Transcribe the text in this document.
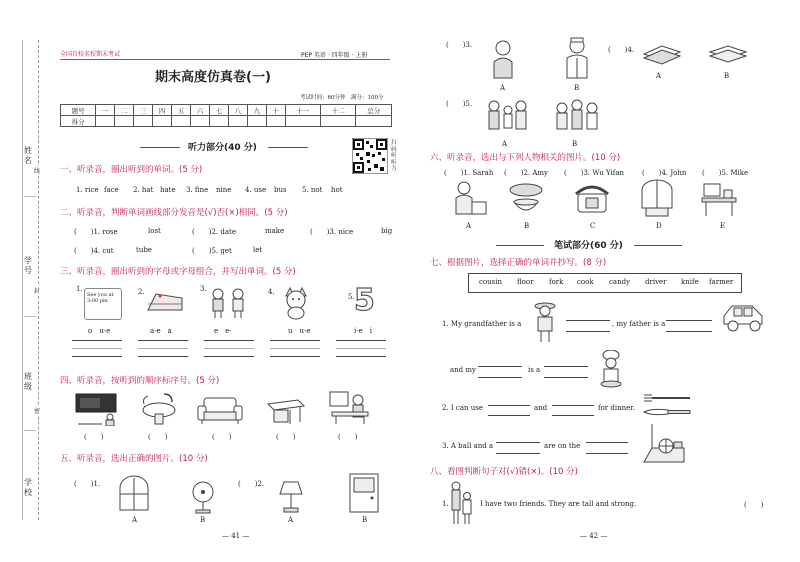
姓名
学号
班级
学校
线
封
密
全国百校名校期末考试	PEP 英语 · 四年级 · 上册
期末高度仿真卷(一)
考试时间：60分钟　满分：100分
题号	一	二	三	四	五	六	七	八	九	十	十一	十二	总分
得分													
听力部分(40 分)	扫码听听力
一、听录音，圈出听到的单词。(5 分)
1. rice face 2. hat hate 3. fine nine 4. use bus 5. not hot
二、听录音，判断单词画线部分发音是(√)否(×)相同。(5 分)
(　　)1. rose	lost	(　　)2. date	make	(　　)3. nice	big
(　　)4. cut	tube	(　　)5. get	let
三、听录音，圈出听到的字母或字母组合，并写出单词。(5 分)
1.
See you at 3:00 pm
2.	3.	4.
5. 5
o　u-e	a-e　a	e　e-	u　u-e	i-e　i
四、听录音，按听到的顺序标序号。(5 分)
(　　)	(　　)	(　　)	(　　)	(　　)
五、听录音，选出正确的图片。(10 分)
(　　)1.	(　　)2.
A	B	A	B
— 41 —
(　　)3.
(　　)4.
A	B
A	B
(　　)5.
A	B
六、听录音，选出与下列人物相关的图片。(10 分)
(　　)1. Sarah (　　)2. Amy (　　)3. Wu Yifan	(　　)4. John (　　)5. Mike
A	B	C	D	E
笔试部分(60 分)
七、根据图片，选择正确的单词并抄写。(8 分)
cousin floor fork cook candy driver knife farmer
1. My grandfather is a	, my father is a
and my	is a
2. I can use	and	for dinner.
3. A ball and a	are on the
八、看图判断句子对(√)错(×)。(10 分)
1.	I have two friends. They are tall and strong.	(　　)
— 42 —
